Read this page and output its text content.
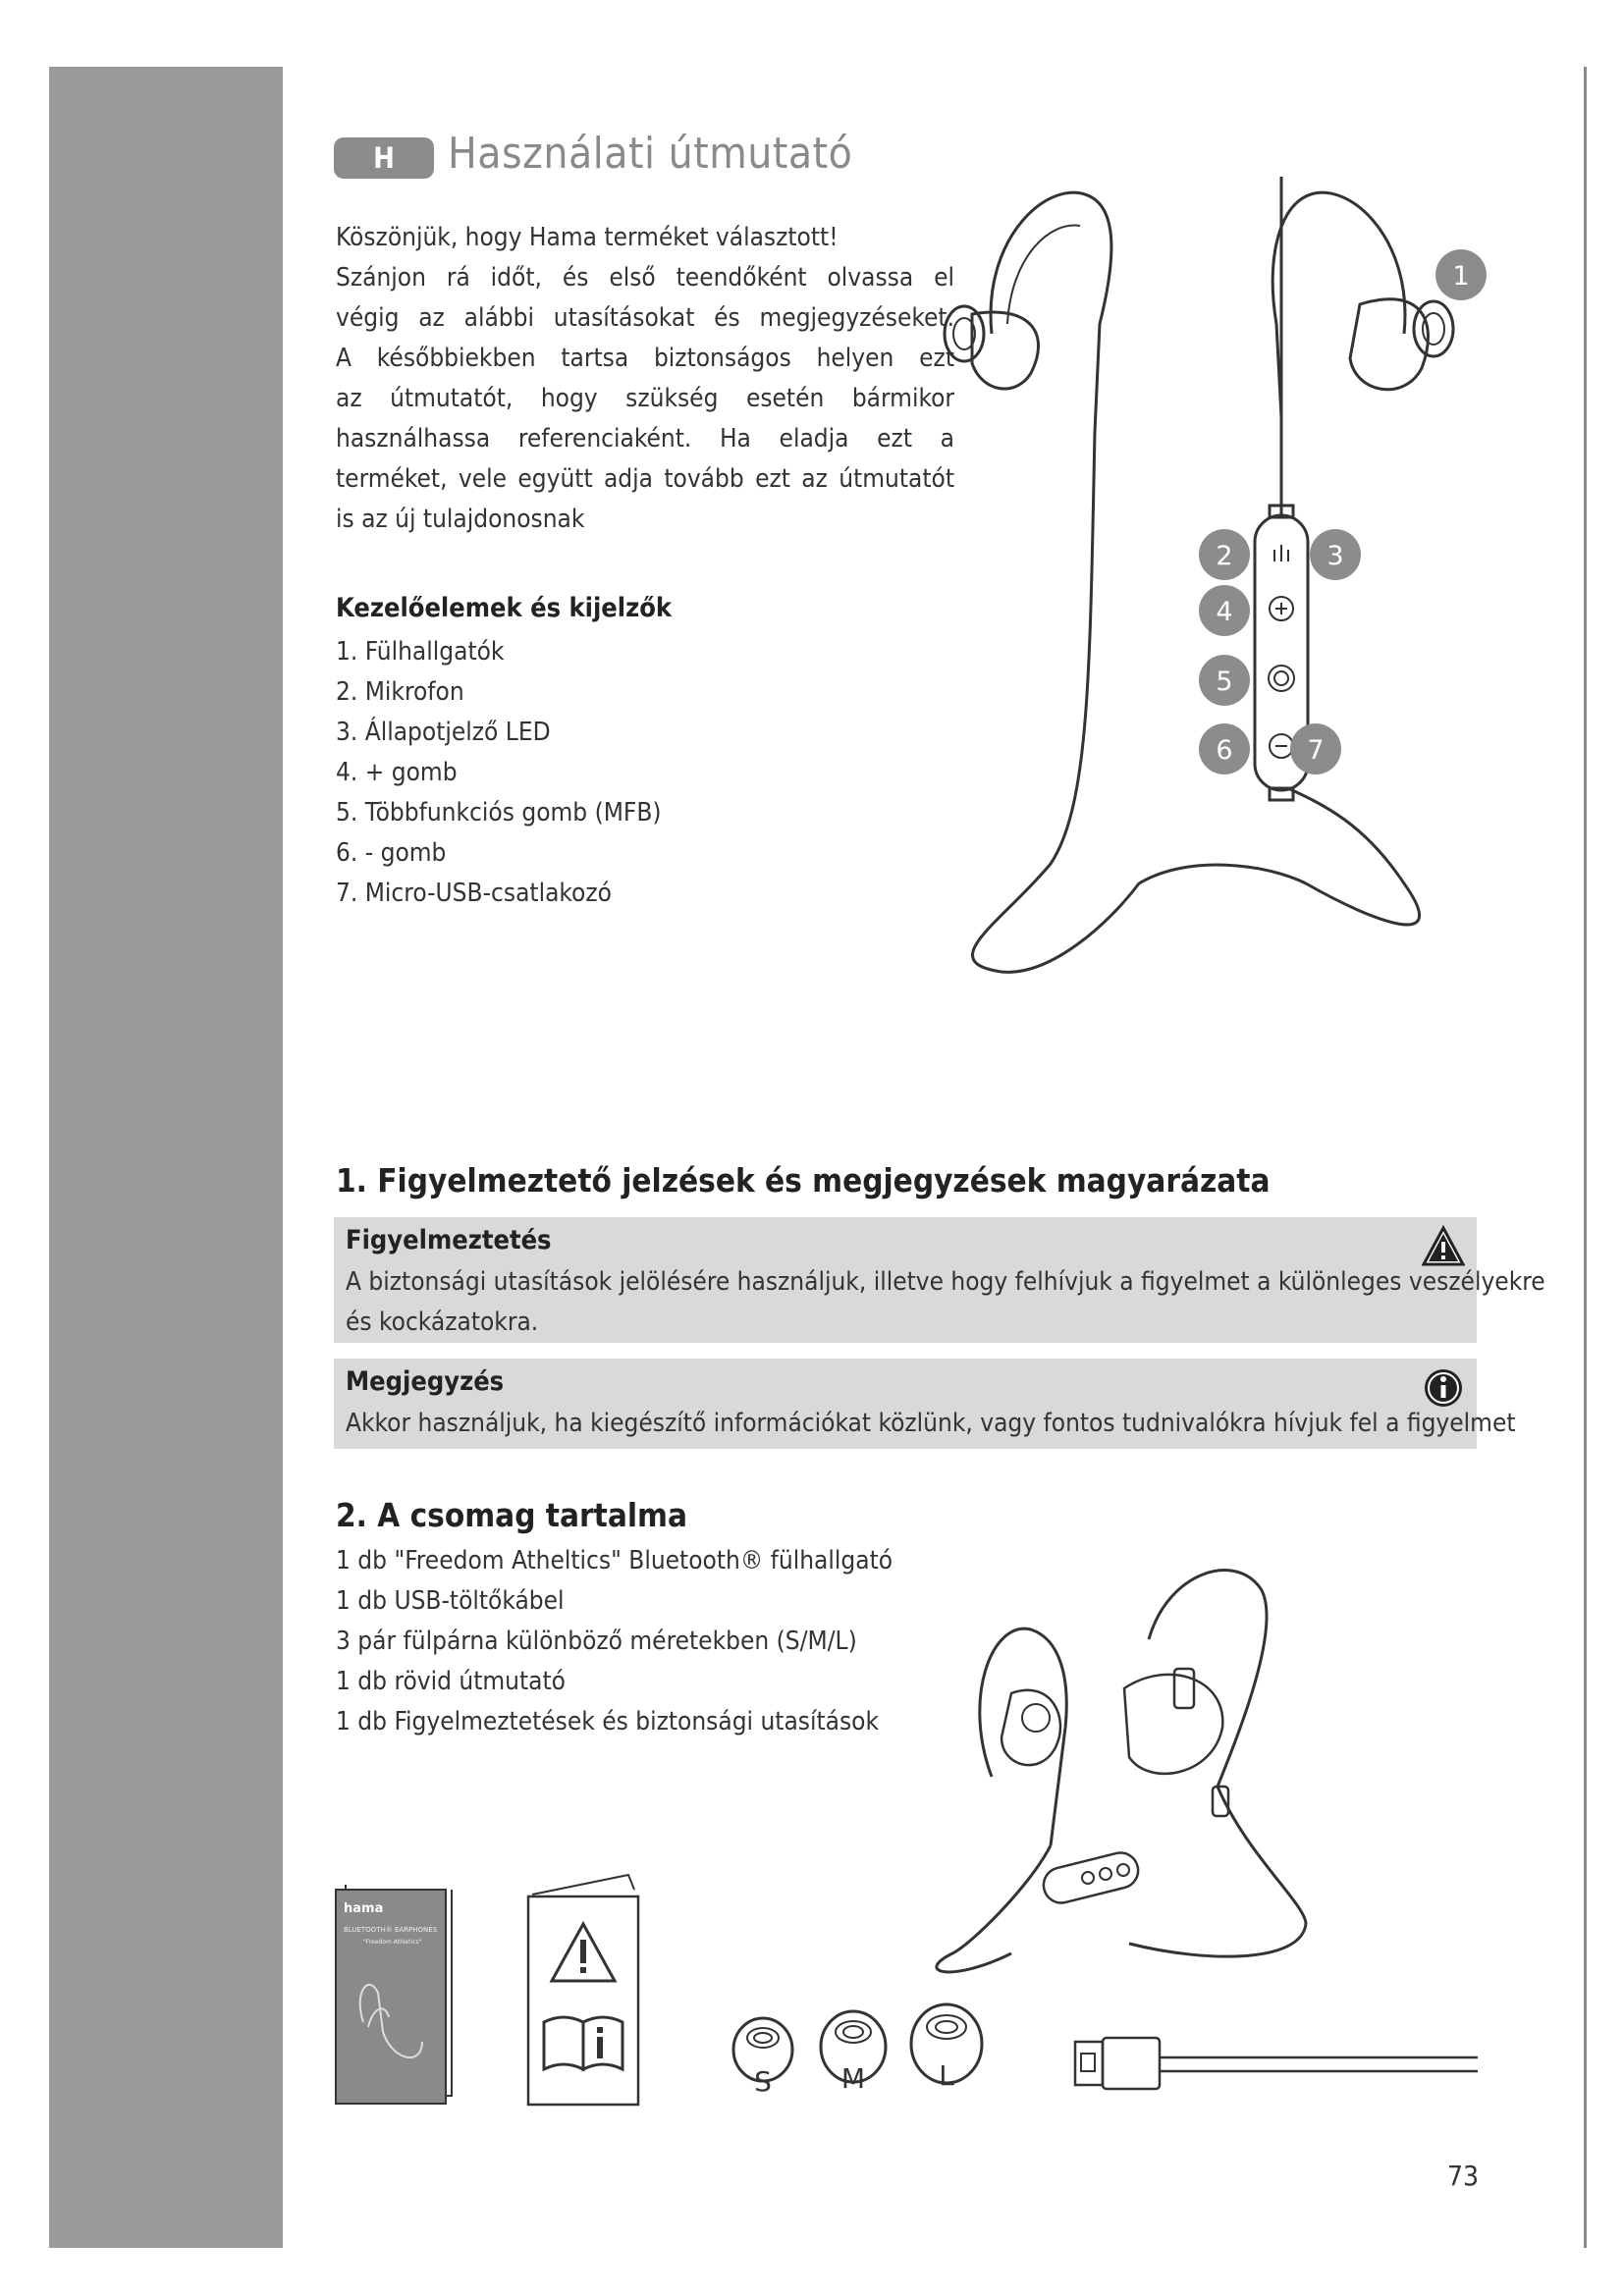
H	Használati útmutató

Köszönjük, hogy Hama terméket választott!

Szánjon rá időt, és első teendőként olvassa el

végig az alábbi utasításokat és megjegyzéseket.

A későbbiekben tartsa biztonságos helyen ezt

az útmutatót, hogy szükség esetén bármikor

használhassa referenciaként. Ha eladja ezt a

terméket, vele együtt adja tovább ezt az útmutatót

is az új tulajdonosnak

Kezelőelemek és kijelzők
1. Fülhallgatók
2. Mikrofon
3. Állapotjelző LED
4. + gomb
5. Többfunkciós gomb (MFB)
6. - gomb
7. Micro-USB-csatlakozó
1
2	3
4
5
6	7
1. Figyelmeztető jelzések és megjegyzések magyarázata
Figyelmeztetés
A biztonsági utasítások jelölésére használjuk, illetve hogy felhívjuk a figyelmet a különleges veszélyekre
és kockázatokra.
Megjegyzés
Akkor használjuk, ha kiegészítő információkat közlünk, vagy fontos tudnivalókra hívjuk fel a figyelmet
2. A csomag tartalma
1 db "Freedom Atheltics" Bluetooth® fülhallgató
1 db USB-töltőkábel
3 pár fülpárna különböző méretekben (S/M/L)
1 db rövid útmutató
1 db Figyelmeztetések és biztonsági utasítások
hama
BLUETOOTH® EARPHONES
"Freedom Athletics"
S	M	L
73
